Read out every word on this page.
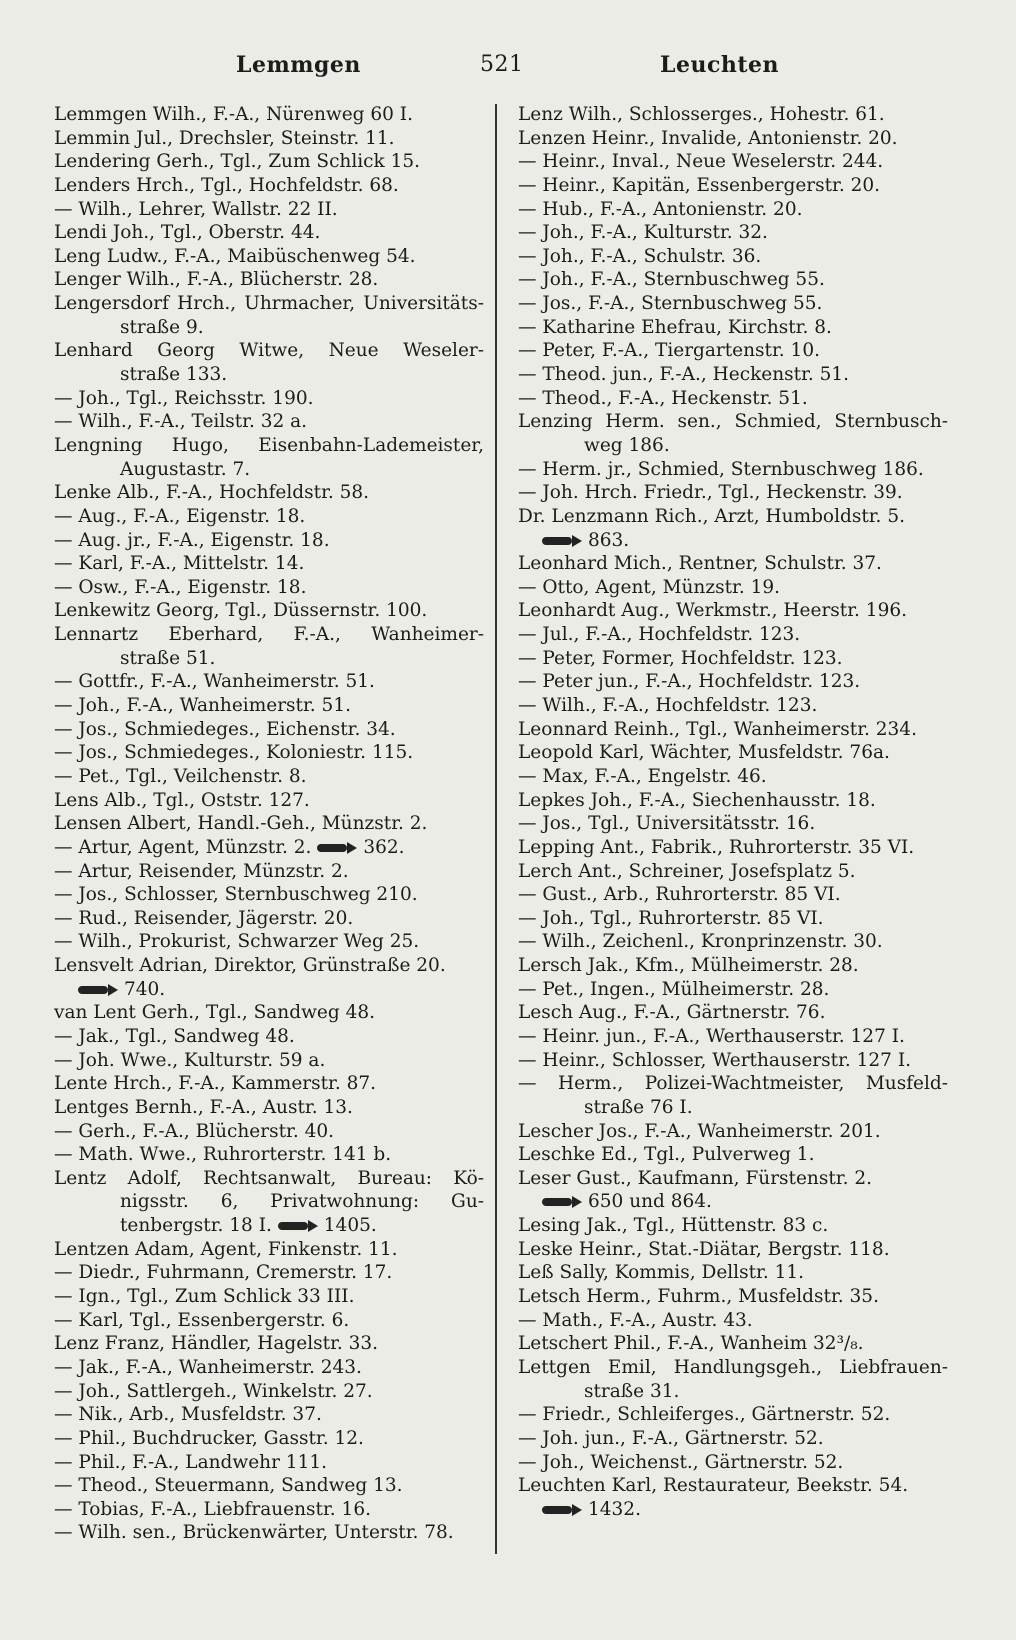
Lemmgen	521	Leuchten
Lemmgen Wilh., F.-A., Nürenweg 60 I.
Lemmin Jul., Drechsler, Steinstr. 11.
Lendering Gerh., Tgl., Zum Schlick 15.
Lenders Hrch., Tgl., Hochfeldstr. 68.
— Wilh., Lehrer, Wallstr. 22 II.
Lendi Joh., Tgl., Oberstr. 44.
Leng Ludw., F.-A., Maibüschenweg 54.
Lenger Wilh., F.-A., Blücherstr. 28.
Lengersdorf Hrch., Uhrmacher, Universitäts-
straße 9.
Lenhard Georg Witwe, Neue Weseler-
straße 133.
— Joh., Tgl., Reichsstr. 190.
— Wilh., F.-A., Teilstr. 32 a.
Lengning Hugo, Eisenbahn-Lademeister,
Augustastr. 7.
Lenke Alb., F.-A., Hochfeldstr. 58.
— Aug., F.-A., Eigenstr. 18.
— Aug. jr., F.-A., Eigenstr. 18.
— Karl, F.-A., Mittelstr. 14.
— Osw., F.-A., Eigenstr. 18.
Lenkewitz Georg, Tgl., Düssernstr. 100.
Lennartz Eberhard, F.-A., Wanheimer-
straße 51.
— Gottfr., F.-A., Wanheimerstr. 51.
— Joh., F.-A., Wanheimerstr. 51.
— Jos., Schmiedeges., Eichenstr. 34.
— Jos., Schmiedeges., Koloniestr. 115.
— Pet., Tgl., Veilchenstr. 8.
Lens Alb., Tgl., Oststr. 127.
Lensen Albert, Handl.-Geh., Münzstr. 2.
— Artur, Agent, Münzstr. 2.	362.
— Artur, Reisender, Münzstr. 2.
— Jos., Schlosser, Sternbuschweg 210.
— Rud., Reisender, Jägerstr. 20.
— Wilh., Prokurist, Schwarzer Weg 25.
Lensvelt Adrian, Direktor, Grünstraße 20.
740.
van Lent Gerh., Tgl., Sandweg 48.
— Jak., Tgl., Sandweg 48.
— Joh. Wwe., Kulturstr. 59 a.
Lente Hrch., F.-A., Kammerstr. 87.
Lentges Bernh., F.-A., Austr. 13.
— Gerh., F.-A., Blücherstr. 40.
— Math. Wwe., Ruhrorterstr. 141 b.
Lentz Adolf, Rechtsanwalt, Bureau: Kö-
nigsstr. 6, Privatwohnung: Gu-
tenbergstr. 18 I.	1405.
Lentzen Adam, Agent, Finkenstr. 11.
— Diedr., Fuhrmann, Cremerstr. 17.
— Ign., Tgl., Zum Schlick 33 III.
— Karl, Tgl., Essenbergerstr. 6.
Lenz Franz, Händler, Hagelstr. 33.
— Jak., F.-A., Wanheimerstr. 243.
— Joh., Sattlergeh., Winkelstr. 27.
— Nik., Arb., Musfeldstr. 37.
— Phil., Buchdrucker, Gasstr. 12.
— Phil., F.-A., Landwehr 111.
— Theod., Steuermann, Sandweg 13.
— Tobias, F.-A., Liebfrauenstr. 16.
— Wilh. sen., Brückenwärter, Unterstr. 78.
Lenz Wilh., Schlosserges., Hohestr. 61.
Lenzen Heinr., Invalide, Antonienstr. 20.
— Heinr., Inval., Neue Weselerstr. 244.
— Heinr., Kapitän, Essenbergerstr. 20.
— Hub., F.-A., Antonienstr. 20.
— Joh., F.-A., Kulturstr. 32.
— Joh., F.-A., Schulstr. 36.
— Joh., F.-A., Sternbuschweg 55.
— Jos., F.-A., Sternbuschweg 55.
— Katharine Ehefrau, Kirchstr. 8.
— Peter, F.-A., Tiergartenstr. 10.
— Theod. jun., F.-A., Heckenstr. 51.
— Theod., F.-A., Heckenstr. 51.
Lenzing Herm. sen., Schmied, Sternbusch-
weg 186.
— Herm. jr., Schmied, Sternbuschweg 186.
— Joh. Hrch. Friedr., Tgl., Heckenstr. 39.
Dr. Lenzmann Rich., Arzt, Humboldstr. 5.
863.
Leonhard Mich., Rentner, Schulstr. 37.
— Otto, Agent, Münzstr. 19.
Leonhardt Aug., Werkmstr., Heerstr. 196.
— Jul., F.-A., Hochfeldstr. 123.
— Peter, Former, Hochfeldstr. 123.
— Peter jun., F.-A., Hochfeldstr. 123.
— Wilh., F.-A., Hochfeldstr. 123.
Leonnard Reinh., Tgl., Wanheimerstr. 234.
Leopold Karl, Wächter, Musfeldstr. 76a.
— Max, F.-A., Engelstr. 46.
Lepkes Joh., F.-A., Siechenhausstr. 18.
— Jos., Tgl., Universitätsstr. 16.
Lepping Ant., Fabrik., Ruhrorterstr. 35 VI.
Lerch Ant., Schreiner, Josefsplatz 5.
— Gust., Arb., Ruhrorterstr. 85 VI.
— Joh., Tgl., Ruhrorterstr. 85 VI.
— Wilh., Zeichenl., Kronprinzenstr. 30.
Lersch Jak., Kfm., Mülheimerstr. 28.
— Pet., Ingen., Mülheimerstr. 28.
Lesch Aug., F.-A., Gärtnerstr. 76.
— Heinr. jun., F.-A., Werthauserstr. 127 I.
— Heinr., Schlosser, Werthauserstr. 127 I.
— Herm., Polizei-Wachtmeister, Musfeld-
straße 76 I.
Lescher Jos., F.-A., Wanheimerstr. 201.
Leschke Ed., Tgl., Pulverweg 1.
Leser Gust., Kaufmann, Fürstenstr. 2.
650 und 864.
Lesing Jak., Tgl., Hüttenstr. 83 c.
Leske Heinr., Stat.-Diätar, Bergstr. 118.
Leß Sally, Kommis, Dellstr. 11.
Letsch Herm., Fuhrm., Musfeldstr. 35.
— Math., F.-A., Austr. 43.
Letschert Phil., F.-A., Wanheim 32³/₈.
Lettgen Emil, Handlungsgeh., Liebfrauen-
straße 31.
— Friedr., Schleiferges., Gärtnerstr. 52.
— Joh. jun., F.-A., Gärtnerstr. 52.
— Joh., Weichenst., Gärtnerstr. 52.
Leuchten Karl, Restaurateur, Beekstr. 54.
1432.
